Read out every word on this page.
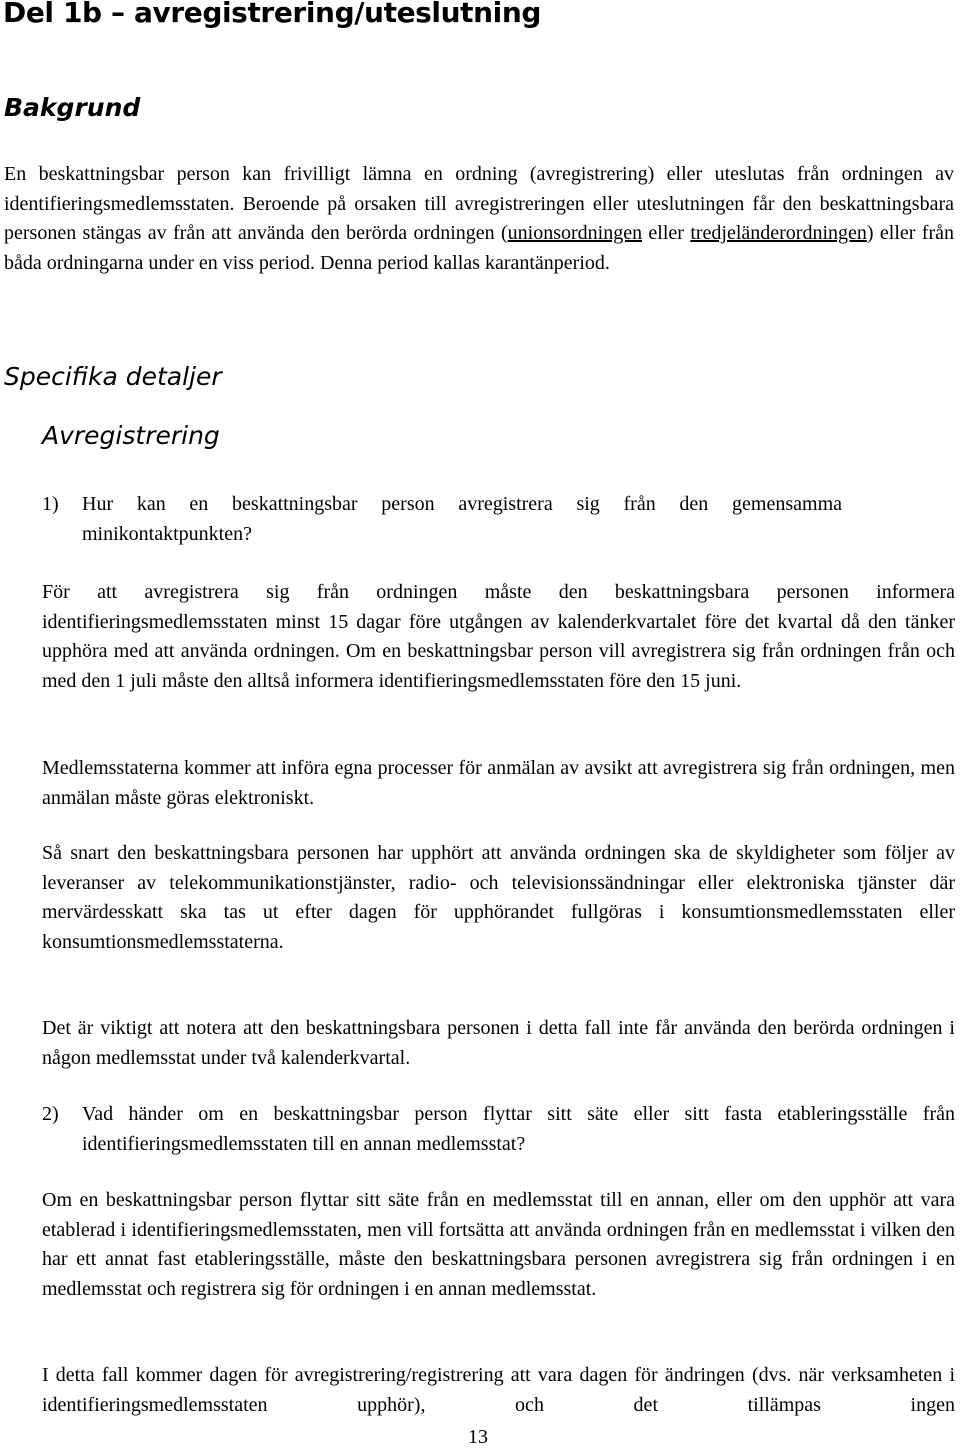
Del 1b – avregistrering/uteslutning
Bakgrund

En beskattningsbar person kan frivilligt lämna en ordning (avregistrering) eller uteslutas från ordningen av identifieringsmedlemsstaten. Beroende på orsaken till avregistreringen eller uteslutningen får den beskattningsbara personen stängas av från att använda den berörda ordningen (unionsordningen eller tredjeländerordningen) eller från båda ordningarna under en viss period. Denna period kallas karantänperiod.

Specifika detaljer
Avregistrering
1) Hur kan en beskattningsbar person avregistrera sig från den gemensamma minikontaktpunkten?

För att avregistrera sig från ordningen måste den beskattningsbara personen informera identifieringsmedlemsstaten minst 15 dagar före utgången av kalenderkvartalet före det kvartal då den tänker upphöra med att använda ordningen. Om en beskattningsbar person vill avregistrera sig från ordningen från och med den 1 juli måste den alltså informera identifieringsmedlemsstaten före den 15 juni.

Medlemsstaterna kommer att införa egna processer för anmälan av avsikt att avregistrera sig från ordningen, men anmälan måste göras elektroniskt.

Så snart den beskattningsbara personen har upphört att använda ordningen ska de skyldigheter som följer av leveranser av telekommunikationstjänster, radio- och televisionssändningar eller elektroniska tjänster där mervärdesskatt ska tas ut efter dagen för upphörandet fullgöras i konsumtionsmedlemsstaten eller konsumtionsmedlemsstaterna.

Det är viktigt att notera att den beskattningsbara personen i detta fall inte får använda den berörda ordningen i någon medlemsstat under två kalenderkvartal.

2) Vad händer om en beskattningsbar person flyttar sitt säte eller sitt fasta etableringsställe från identifieringsmedlemsstaten till en annan medlemsstat?

Om en beskattningsbar person flyttar sitt säte från en medlemsstat till en annan, eller om den upphör att vara etablerad i identifieringsmedlemsstaten, men vill fortsätta att använda ordningen från en medlemsstat i vilken den har ett annat fast etableringsställe, måste den beskattningsbara personen avregistrera sig från ordningen i en medlemsstat och registrera sig för ordningen i en annan medlemsstat.

I detta fall kommer dagen för avregistrering/registrering att vara dagen för ändringen (dvs. när verksamheten i identifieringsmedlemsstaten upphör), och det tillämpas ingen

13
